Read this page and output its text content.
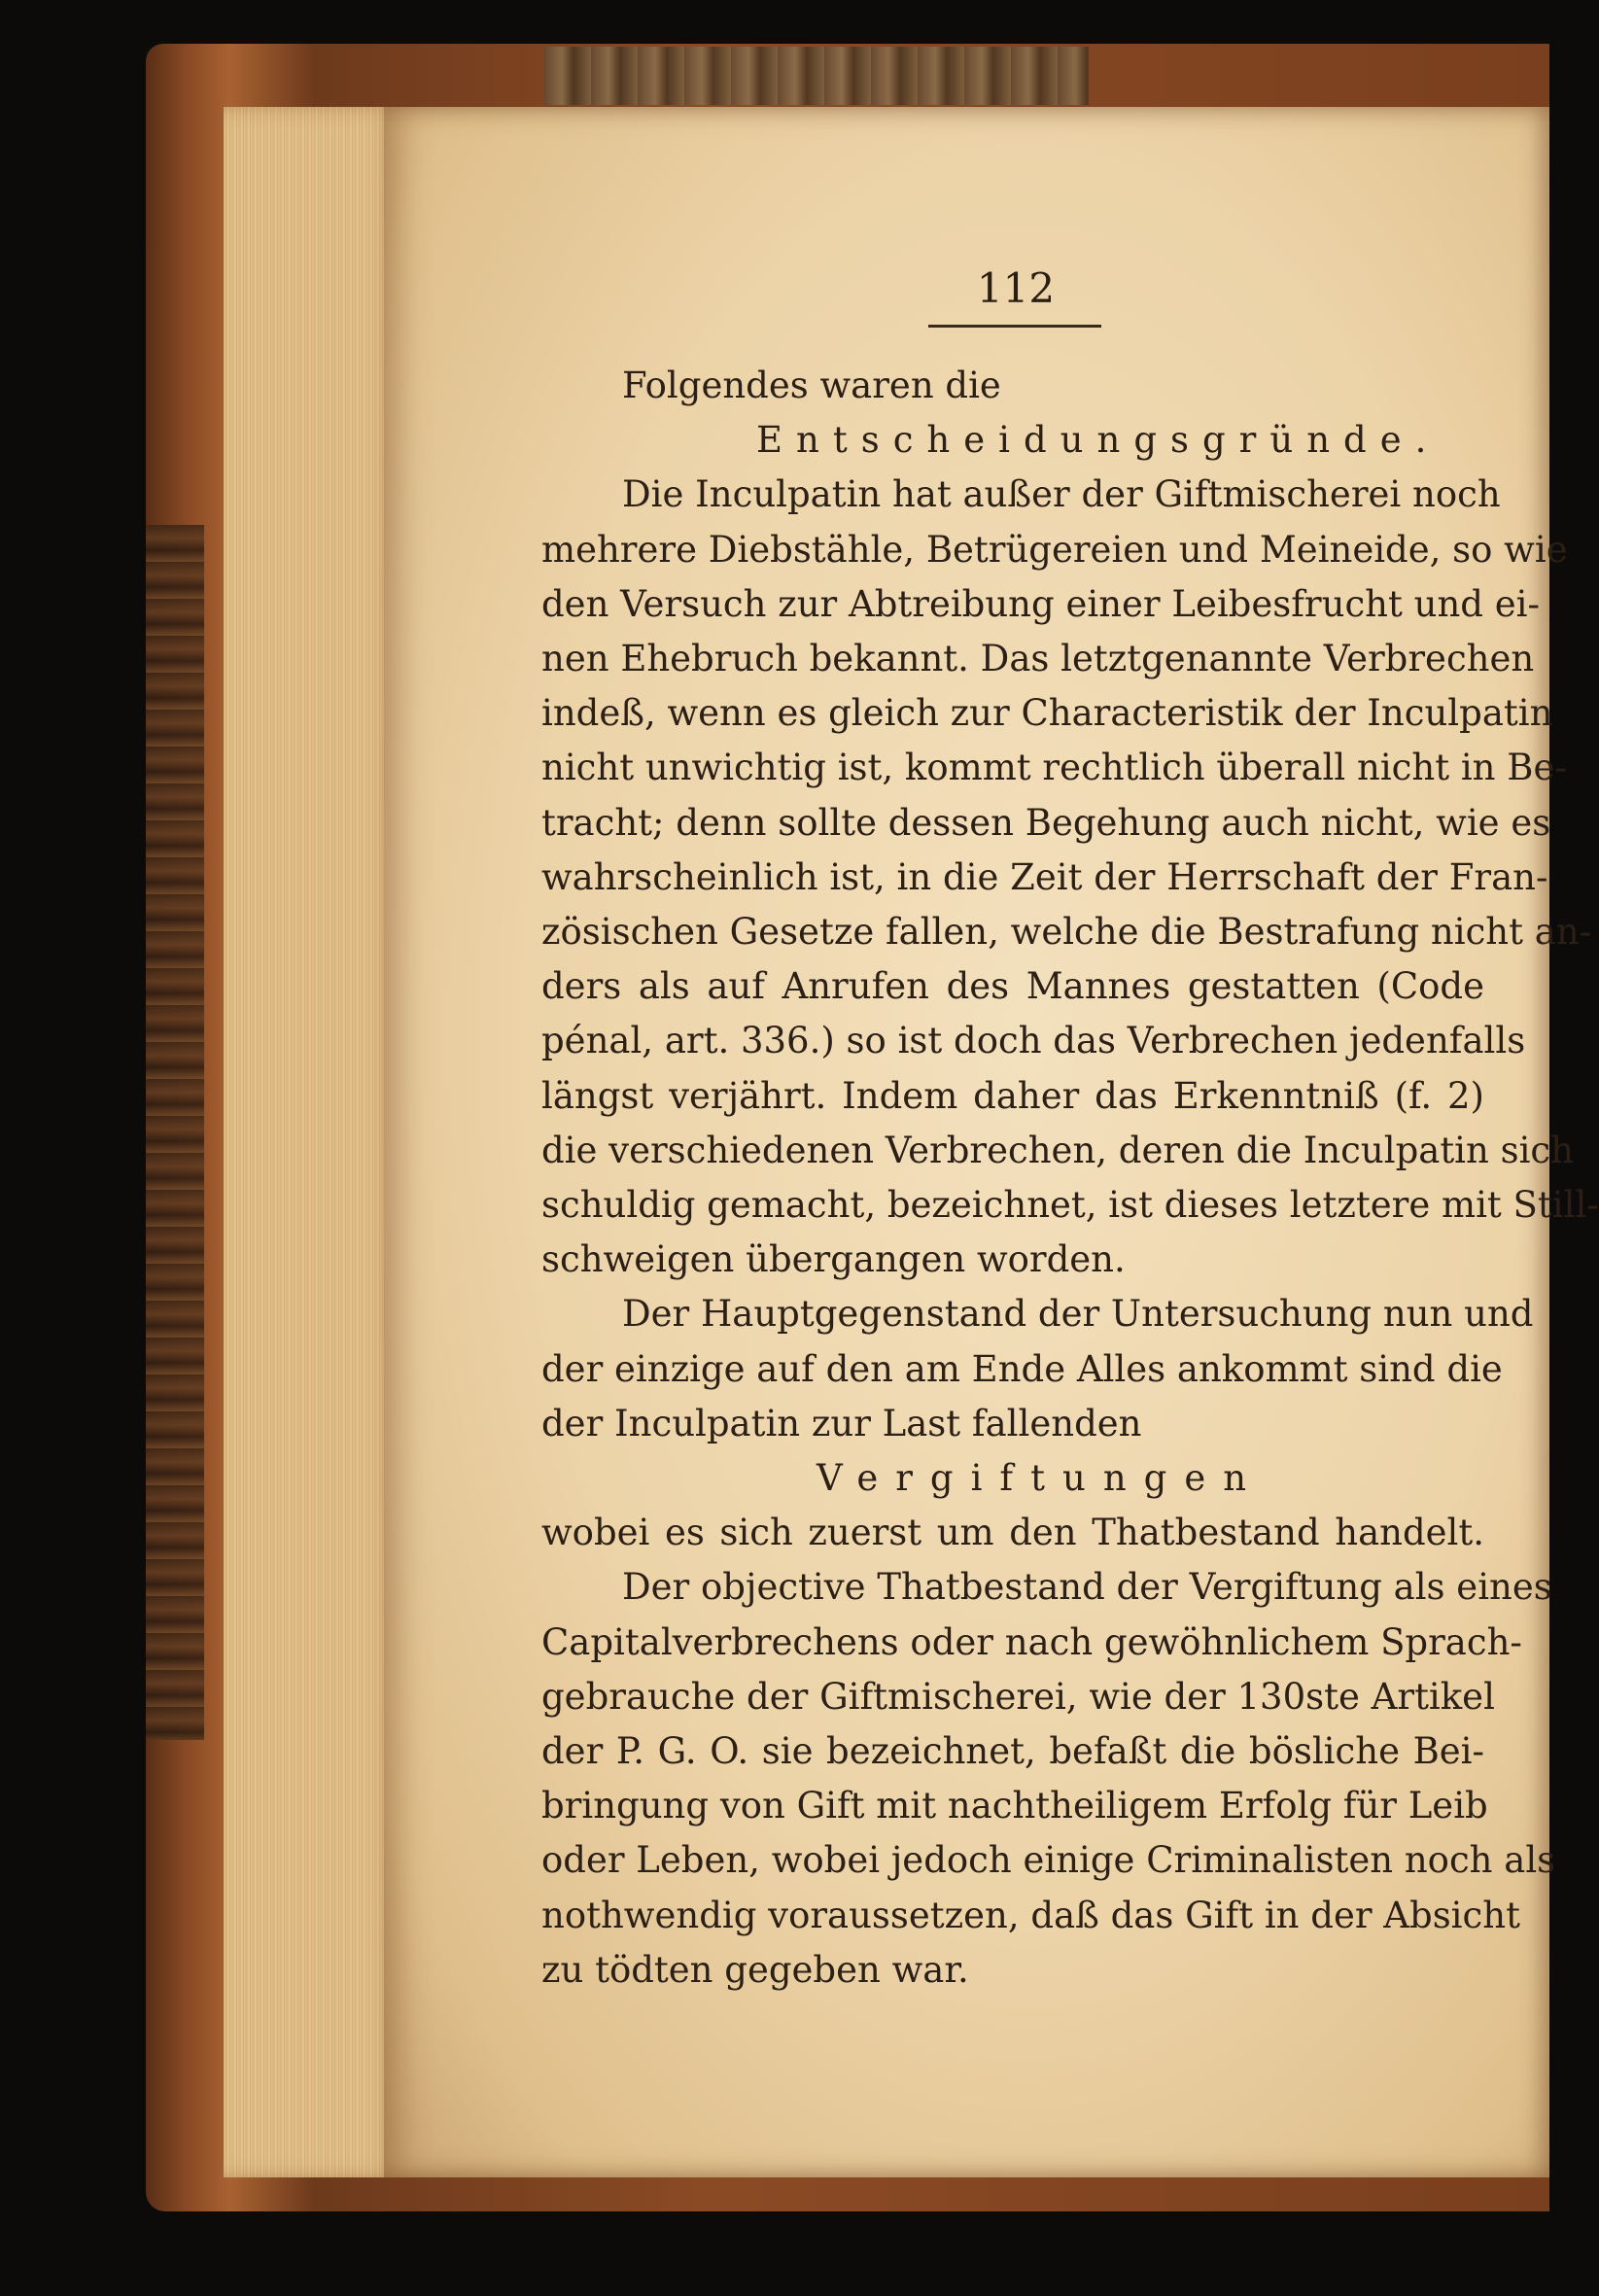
112
Folgendes waren die
Entscheidungsgründe.
Die Inculpatin hat außer der Giftmischerei noch
mehrere Diebstähle, Betrügereien und Meineide, so wie
den Versuch zur Abtreibung einer Leibesfrucht und ei-
nen Ehebruch bekannt. Das letztgenannte Verbrechen
indeß, wenn es gleich zur Characteristik der Inculpatin
nicht unwichtig ist, kommt rechtlich überall nicht in Be-
tracht; denn sollte dessen Begehung auch nicht, wie es
wahrscheinlich ist, in die Zeit der Herrschaft der Fran-
zösischen Gesetze fallen, welche die Bestrafung nicht an-
ders als auf Anrufen des Mannes gestatten (Code
pénal, art. 336.) so ist doch das Verbrechen jedenfalls
längst verjährt. Indem daher das Erkenntniß (f. 2)
die verschiedenen Verbrechen, deren die Inculpatin sich
schuldig gemacht, bezeichnet, ist dieses letztere mit Still-
schweigen übergangen worden.
Der Hauptgegenstand der Untersuchung nun und
der einzige auf den am Ende Alles ankommt sind die
der Inculpatin zur Last fallenden
Vergiftungen
wobei es sich zuerst um den Thatbestand handelt.
Der objective Thatbestand der Vergiftung als eines
Capitalverbrechens oder nach gewöhnlichem Sprach-
gebrauche der Giftmischerei, wie der 130ste Artikel
der P. G. O. sie bezeichnet, befaßt die bösliche Bei-
bringung von Gift mit nachtheiligem Erfolg für Leib
oder Leben, wobei jedoch einige Criminalisten noch als
nothwendig voraussetzen, daß das Gift in der Absicht
zu tödten gegeben war.
